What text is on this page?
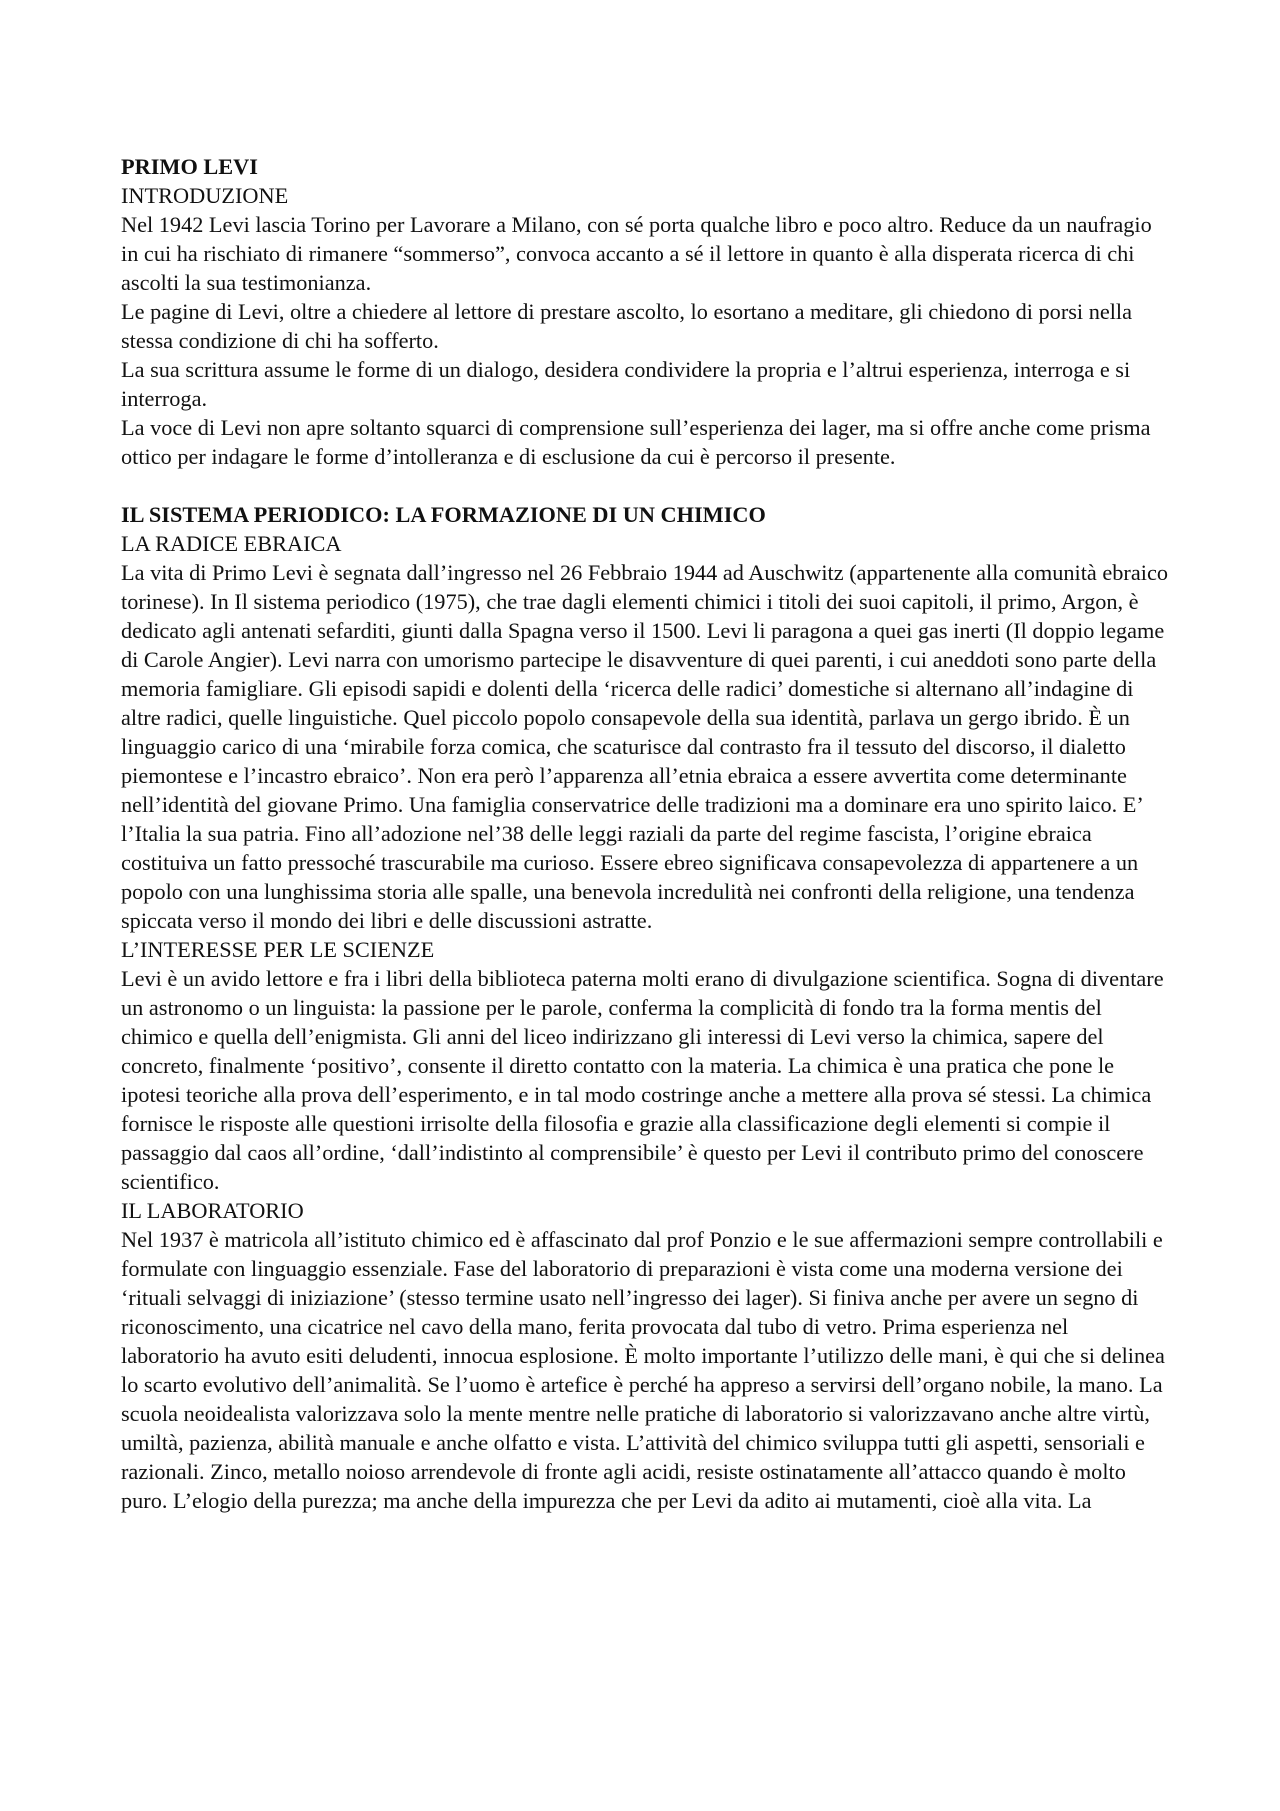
PRIMO LEVI

INTRODUZIONE

Nel 1942 Levi lascia Torino per Lavorare a Milano, con sé porta qualche libro e poco altro. Reduce da un naufragio in cui ha rischiato di rimanere “sommerso”, convoca accanto a sé il lettore in quanto è alla disperata ricerca di chi ascolti la sua testimonianza.

Le pagine di Levi, oltre a chiedere al lettore di prestare ascolto, lo esortano a meditare, gli chiedono di porsi nella stessa condizione di chi ha sofferto.

La sua scrittura assume le forme di un dialogo, desidera condividere la propria e l’altrui esperienza, interroga e si interroga.

La voce di Levi non apre soltanto squarci di comprensione sull’esperienza dei lager, ma si offre anche come prisma ottico per indagare le forme d’intolleranza e di esclusione da cui è percorso il presente.

IL SISTEMA PERIODICO: LA FORMAZIONE DI UN CHIMICO

LA RADICE EBRAICA

La vita di Primo Levi è segnata dall’ingresso nel 26 Febbraio 1944 ad Auschwitz (appartenente alla comunità ebraico torinese). In Il sistema periodico (1975), che trae dagli elementi chimici i titoli dei suoi capitoli, il primo, Argon, è dedicato agli antenati sefarditi, giunti dalla Spagna verso il 1500. Levi li paragona a quei gas inerti (Il doppio legame di Carole Angier). Levi narra con umorismo partecipe le disavventure di quei parenti, i cui aneddoti sono parte della memoria famigliare. Gli episodi sapidi e dolenti della ‘ricerca delle radici’ domestiche si alternano all’indagine di altre radici, quelle linguistiche. Quel piccolo popolo consapevole della sua identità, parlava un gergo ibrido. È un linguaggio carico di una ‘mirabile forza comica, che scaturisce dal contrasto fra il tessuto del discorso, il dialetto piemontese e l’incastro ebraico’. Non era però l’apparenza all’etnia ebraica a essere avvertita come determinante nell’identità del giovane Primo. Una famiglia conservatrice delle tradizioni ma a dominare era uno spirito laico. E’ l’Italia la sua patria. Fino all’adozione nel’38 delle leggi raziali da parte del regime fascista, l’origine ebraica costituiva un fatto pressoché trascurabile ma curioso. Essere ebreo significava consapevolezza di appartenere a un popolo con una lunghissima storia alle spalle, una benevola incredulità nei confronti della religione, una tendenza spiccata verso il mondo dei libri e delle discussioni astratte.

L’INTERESSE PER LE SCIENZE

Levi è un avido lettore e fra i libri della biblioteca paterna molti erano di divulgazione scientifica. Sogna di diventare un astronomo o un linguista: la passione per le parole, conferma la complicità di fondo tra la forma mentis del chimico e quella dell’enigmista. Gli anni del liceo indirizzano gli interessi di Levi verso la chimica, sapere del concreto, finalmente ‘positivo’, consente il diretto contatto con la materia. La chimica è una pratica che pone le ipotesi teoriche alla prova dell’esperimento, e in tal modo costringe anche a mettere alla prova sé stessi. La chimica fornisce le risposte alle questioni irrisolte della filosofia e grazie alla classificazione degli elementi si compie il passaggio dal caos all’ordine, ‘dall’indistinto al comprensibile’ è questo per Levi il contributo primo del conoscere scientifico.

IL LABORATORIO

Nel 1937 è matricola all’istituto chimico ed è affascinato dal prof Ponzio e le sue affermazioni sempre controllabili e formulate con linguaggio essenziale. Fase del laboratorio di preparazioni è vista come una moderna versione dei ‘rituali selvaggi di iniziazione’ (stesso termine usato nell’ingresso dei lager). Si finiva anche per avere un segno di riconoscimento, una cicatrice nel cavo della mano, ferita provocata dal tubo di vetro. Prima esperienza nel laboratorio ha avuto esiti deludenti, innocua esplosione. È molto importante l’utilizzo delle mani, è qui che si delinea lo scarto evolutivo dell’animalità. Se l’uomo è artefice è perché ha appreso a servirsi dell’organo nobile, la mano. La scuola neoidealista valorizzava solo la mente mentre nelle pratiche di laboratorio si valorizzavano anche altre virtù, umiltà, pazienza, abilità manuale e anche olfatto e vista. L’attività del chimico sviluppa tutti gli aspetti, sensoriali e razionali. Zinco, metallo noioso arrendevole di fronte agli acidi, resiste ostinatamente all’attacco quando è molto puro. L’elogio della purezza; ma anche della impurezza che per Levi da adito ai mutamenti, cioè alla vita. La
